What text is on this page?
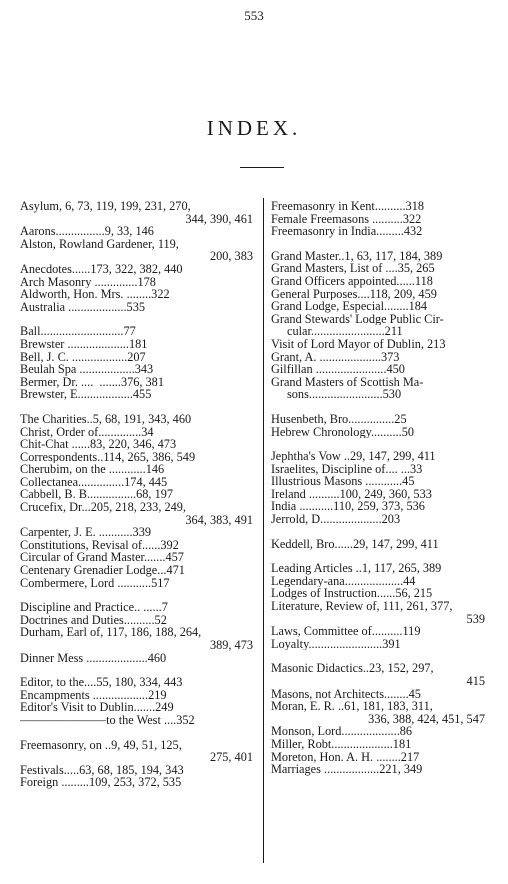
553
INDEX.
Asylum, 6, 73, 119, 199, 231, 270,
344, 390, 461
Aarons................9, 33, 146
Alston, Rowland Gardener, 119,
200, 383
Anecdotes......173, 322, 382, 440
Arch Masonry ..............178
Aldworth, Hon. Mrs. ........322
Australia ...................535
Ball...........................77
Brewster ....................181
Bell, J. C. ..................207
Beulah Spa ..................343
Bermer, Dr. ....  .......376, 381
Brewster, E..................455
The Charities..5, 68, 191, 343, 460
Christ, Order of..............34
Chit-Chat ......83, 220, 346, 473
Correspondents..114, 265, 386, 549
Cherubim, on the ............146
Collectanea...............174, 445
Cabbell, B. B................68, 197
Crucefix, Dr...205, 218, 233, 249,
364, 383, 491
Carpenter, J. E. ...........339
Constitutions, Revisal of......392
Circular of Grand Master.......457
Centenary Grenadier Lodge...471
Combermere, Lord ...........517
Discipline and Practice.. ......7
Doctrines and Duties..........52
Durham, Earl of, 117, 186, 188, 264,
389, 473
Dinner Mess ....................460
Editor, to the....55, 180, 334, 443
Encampments ..................219
Editor's Visit to Dublin.......249
———————to the West ....352
Freemasonry, on ..9, 49, 51, 125,
275, 401
Festivals.....63, 68, 185, 194, 343
Foreign .........109, 253, 372, 535
Freemasonry in Kent..........318
Female Freemasons ..........322
Freemasonry in India.........432
Grand Master..1, 63, 117, 184, 389
Grand Masters, List of ....35, 265
Grand Officers appointed......118
General Purposes....118, 209, 459
Grand Lodge, Especial........184
Grand Stewards' Lodge Public Cir-
cular........................211
Visit of Lord Mayor of Dublin, 213
Grant, A. ....................373
Gilfillan .......................450
Grand Masters of Scottish Ma-
sons........................530
Husenbeth, Bro...............25
Hebrew Chronology..........50
Jephtha's Vow ..29, 147, 299, 411
Israelites, Discipline of.... ...33
Illustrious Masons ............45
Ireland ..........100, 249, 360, 533
India ...........110, 259, 373, 536
Jerrold, D....................203
Keddell, Bro......29, 147, 299, 411
Leading Articles ..1, 117, 265, 389
Legendary-ana...................44
Lodges of Instruction......56, 215
Literature, Review of, 111, 261, 377,
539
Laws, Committee of..........119
Loyalty........................391
Masonic Didactics..23, 152, 297,
415
Masons, not Architects........45
Moran, E. R. ..61, 181, 183, 311,
336, 388, 424, 451, 547
Monson, Lord...................86
Miller, Robt....................181
Moreton, Hon. A. H. ........217
Marriages ..................221, 349
